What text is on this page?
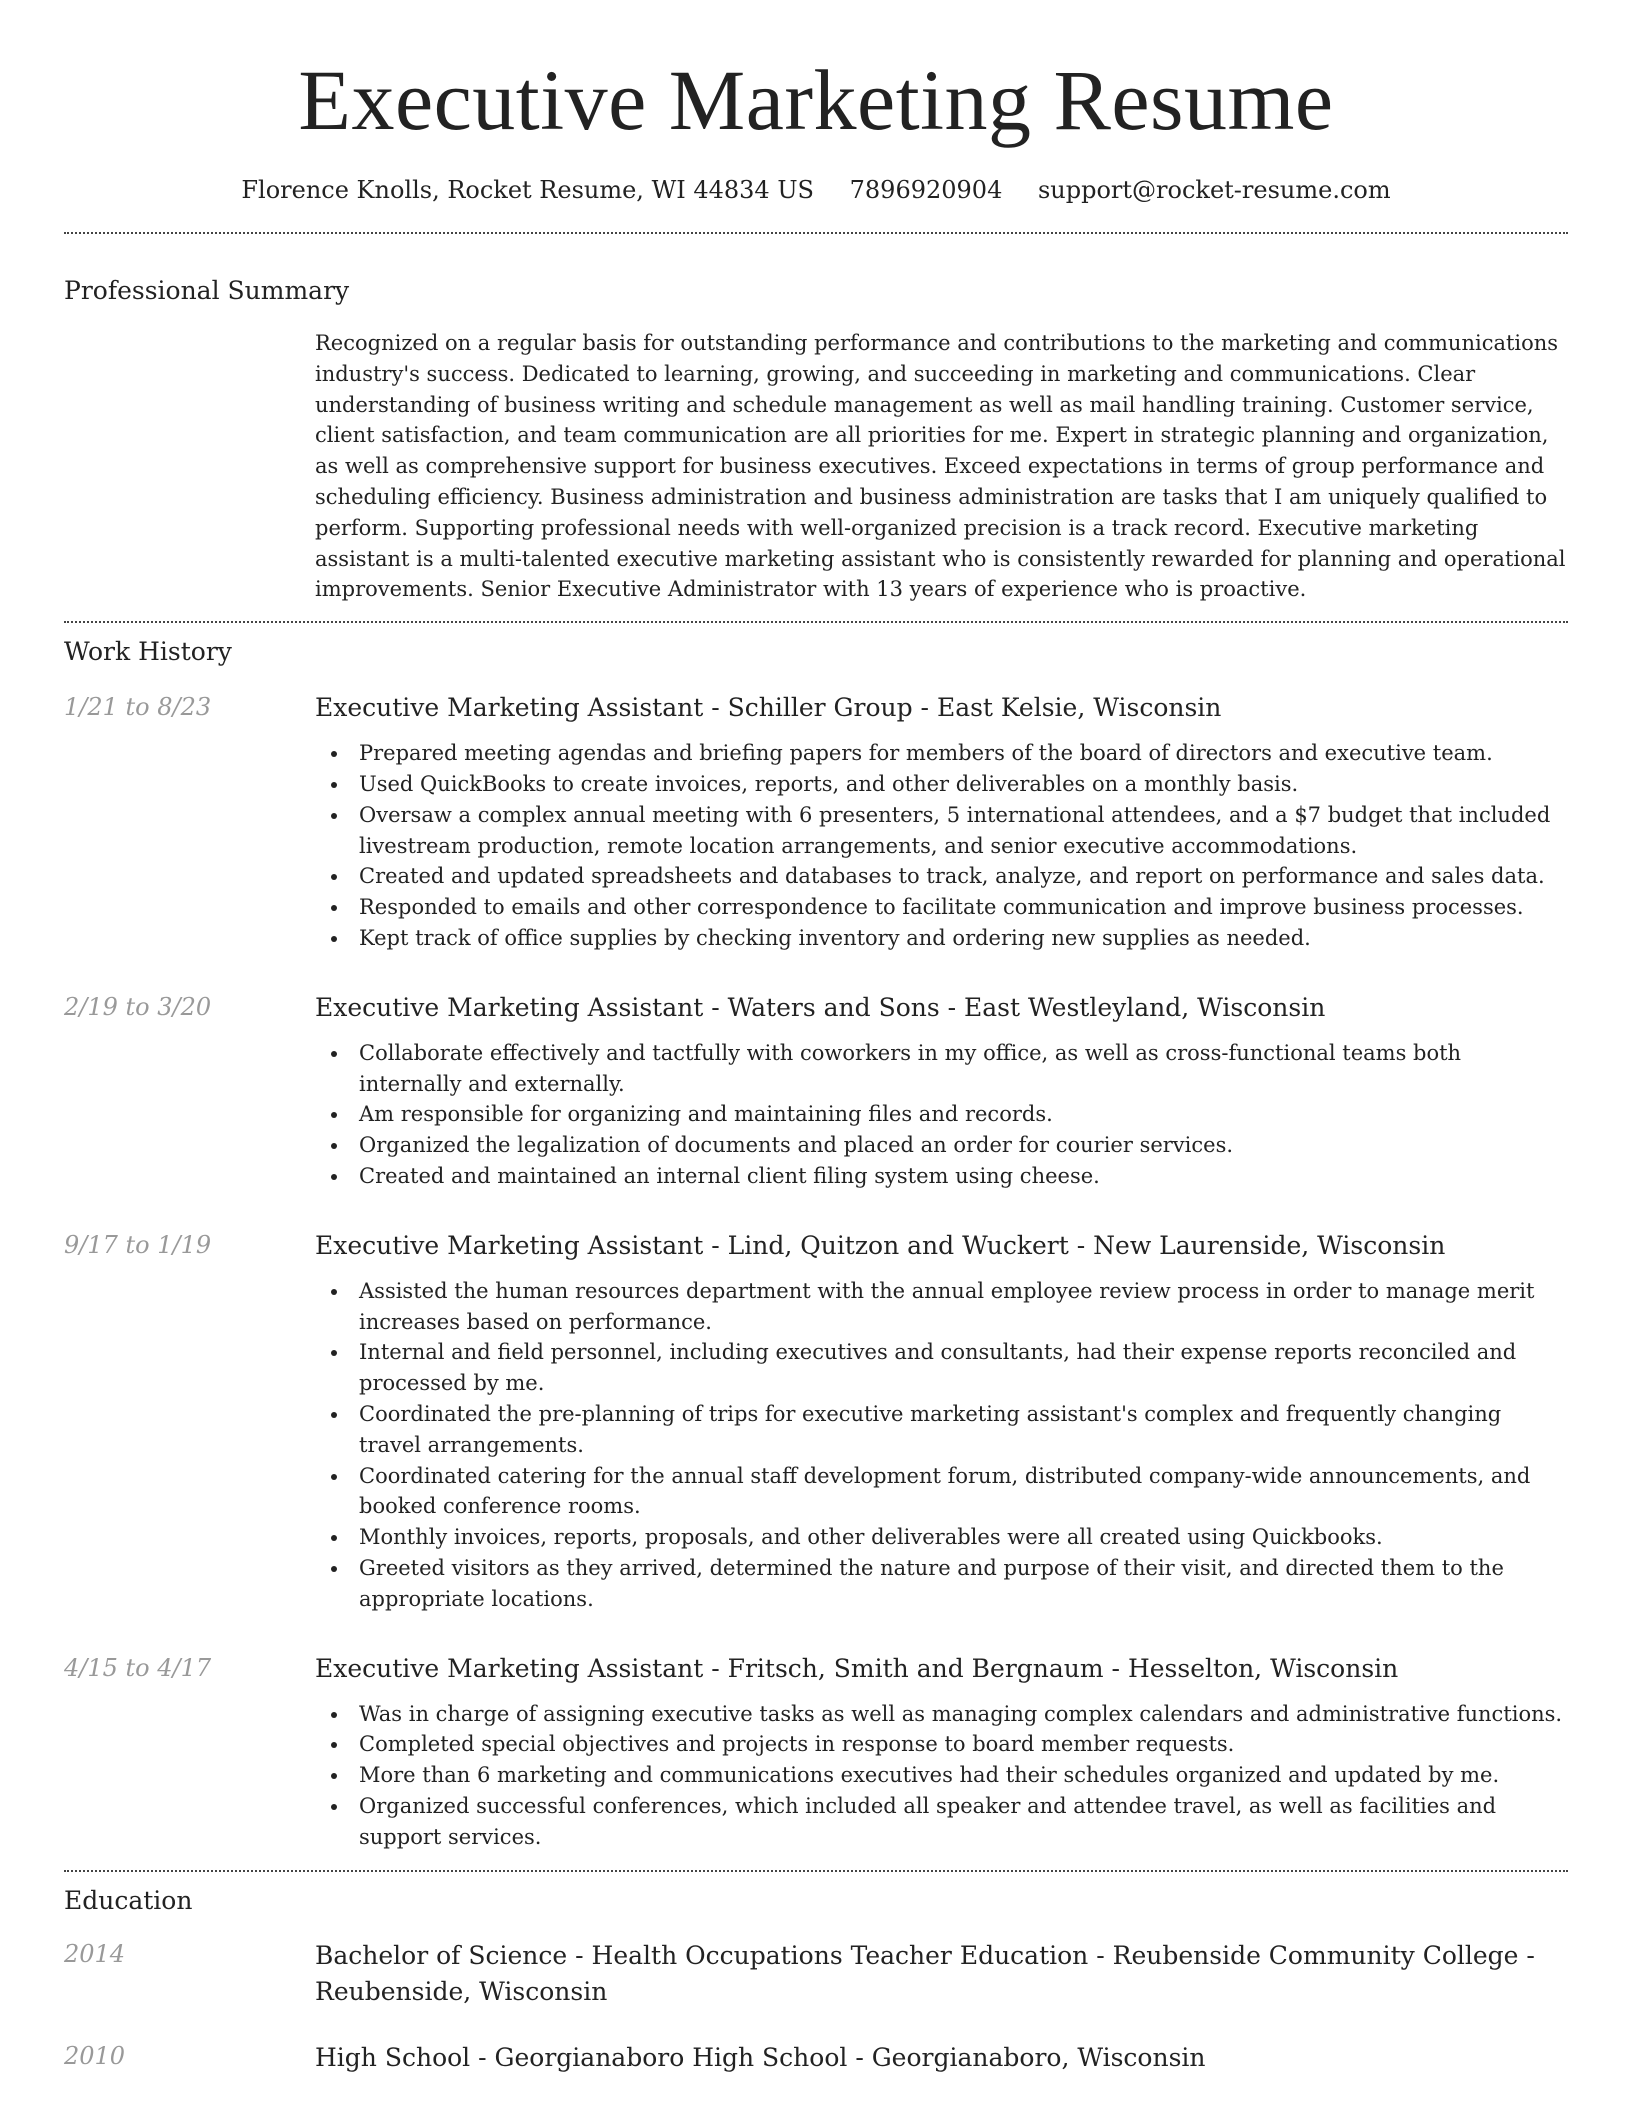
Executive Marketing Resume
Florence Knolls, Rocket Resume, WI 44834 US 7896920904 support@rocket-resume.com
Professional Summary
Recognized on a regular basis for outstanding performance and contributions to the marketing and communications industry's success. Dedicated to learning, growing, and succeeding in marketing and communications. Clear understanding of business writing and schedule management as well as mail handling training. Customer service, client satisfaction, and team communication are all priorities for me. Expert in strategic planning and organization, as well as comprehensive support for business executives. Exceed expectations in terms of group performance and scheduling efficiency. Business administration and business administration are tasks that I am uniquely qualified to perform. Supporting professional needs with well-organized precision is a track record. Executive marketing assistant is a multi-talented executive marketing assistant who is consistently rewarded for planning and operational improvements. Senior Executive Administrator with 13 years of experience who is proactive.
Work History
1/21 to 8/23	Executive Marketing Assistant - Schiller Group - East Kelsie, Wisconsin
Prepared meeting agendas and briefing papers for members of the board of directors and executive team.
Used QuickBooks to create invoices, reports, and other deliverables on a monthly basis.
Oversaw a complex annual meeting with 6 presenters, 5 international attendees, and a $7 budget that included livestream production, remote location arrangements, and senior executive accommodations.
Created and updated spreadsheets and databases to track, analyze, and report on performance and sales data.
Responded to emails and other correspondence to facilitate communication and improve business processes.
Kept track of office supplies by checking inventory and ordering new supplies as needed.
2/19 to 3/20	Executive Marketing Assistant - Waters and Sons - East Westleyland, Wisconsin
Collaborate effectively and tactfully with coworkers in my office, as well as cross-functional teams both internally and externally.
Am responsible for organizing and maintaining files and records.
Organized the legalization of documents and placed an order for courier services.
Created and maintained an internal client filing system using cheese.
9/17 to 1/19	Executive Marketing Assistant - Lind, Quitzon and Wuckert - New Laurenside, Wisconsin
Assisted the human resources department with the annual employee review process in order to manage merit increases based on performance.
Internal and field personnel, including executives and consultants, had their expense reports reconciled and processed by me.
Coordinated the pre-planning of trips for executive marketing assistant's complex and frequently changing travel arrangements.
Coordinated catering for the annual staff development forum, distributed company-wide announcements, and booked conference rooms.
Monthly invoices, reports, proposals, and other deliverables were all created using Quickbooks.
Greeted visitors as they arrived, determined the nature and purpose of their visit, and directed them to the appropriate locations.
4/15 to 4/17	Executive Marketing Assistant - Fritsch, Smith and Bergnaum - Hesselton, Wisconsin
Was in charge of assigning executive tasks as well as managing complex calendars and administrative functions.
Completed special objectives and projects in response to board member requests.
More than 6 marketing and communications executives had their schedules organized and updated by me.
Organized successful conferences, which included all speaker and attendee travel, as well as facilities and support services.
Education
2014	Bachelor of Science - Health Occupations Teacher Education - Reubenside Community College - Reubenside, Wisconsin
2010	High School - Georgianaboro High School - Georgianaboro, Wisconsin
